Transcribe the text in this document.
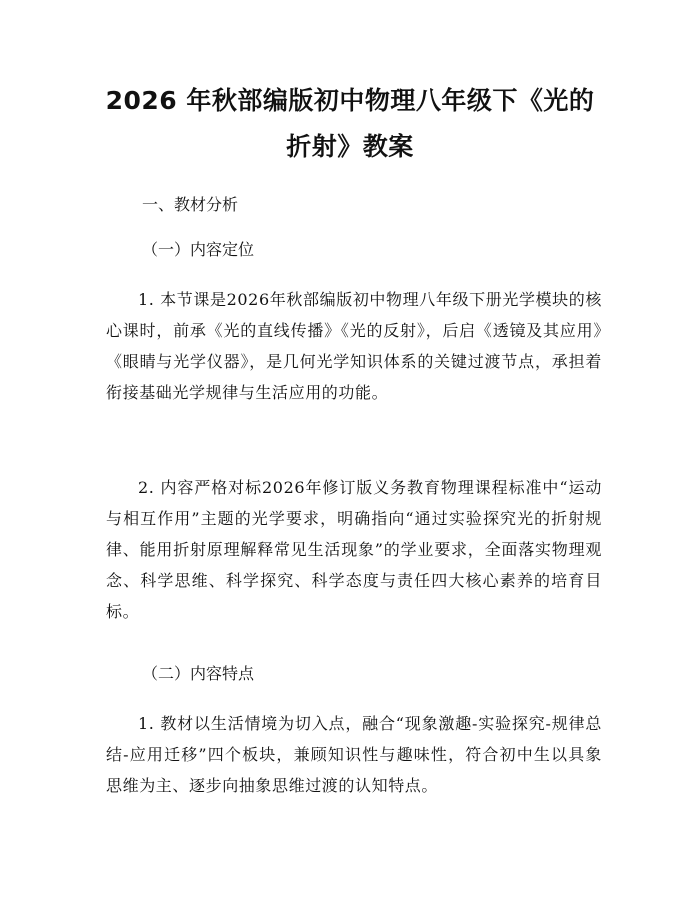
2026 年秋部编版初中物理八年级下《光的折射》教案

一、教材分析

（一）内容定位

1. 本节课是2026年秋部编版初中物理八年级下册光学模块的核心课时，前承《光的直线传播》《光的反射》，后启《透镜及其应用》《眼睛与光学仪器》，是几何光学知识体系的关键过渡节点，承担着衔接基础光学规律与生活应用的功能。

2. 内容严格对标2026年修订版义务教育物理课程标准中“运动与相互作用”主题的光学要求，明确指向“通过实验探究光的折射规律、能用折射原理解释常见生活现象”的学业要求，全面落实物理观念、科学思维、科学探究、科学态度与责任四大核心素养的培育目标。

（二）内容特点

1. 教材以生活情境为切入点，融合“现象激趣-实验探究-规律总结-应用迁移”四个板块，兼顾知识性与趣味性，符合初中生以具象思维为主、逐步向抽象思维过渡的认知特点。
